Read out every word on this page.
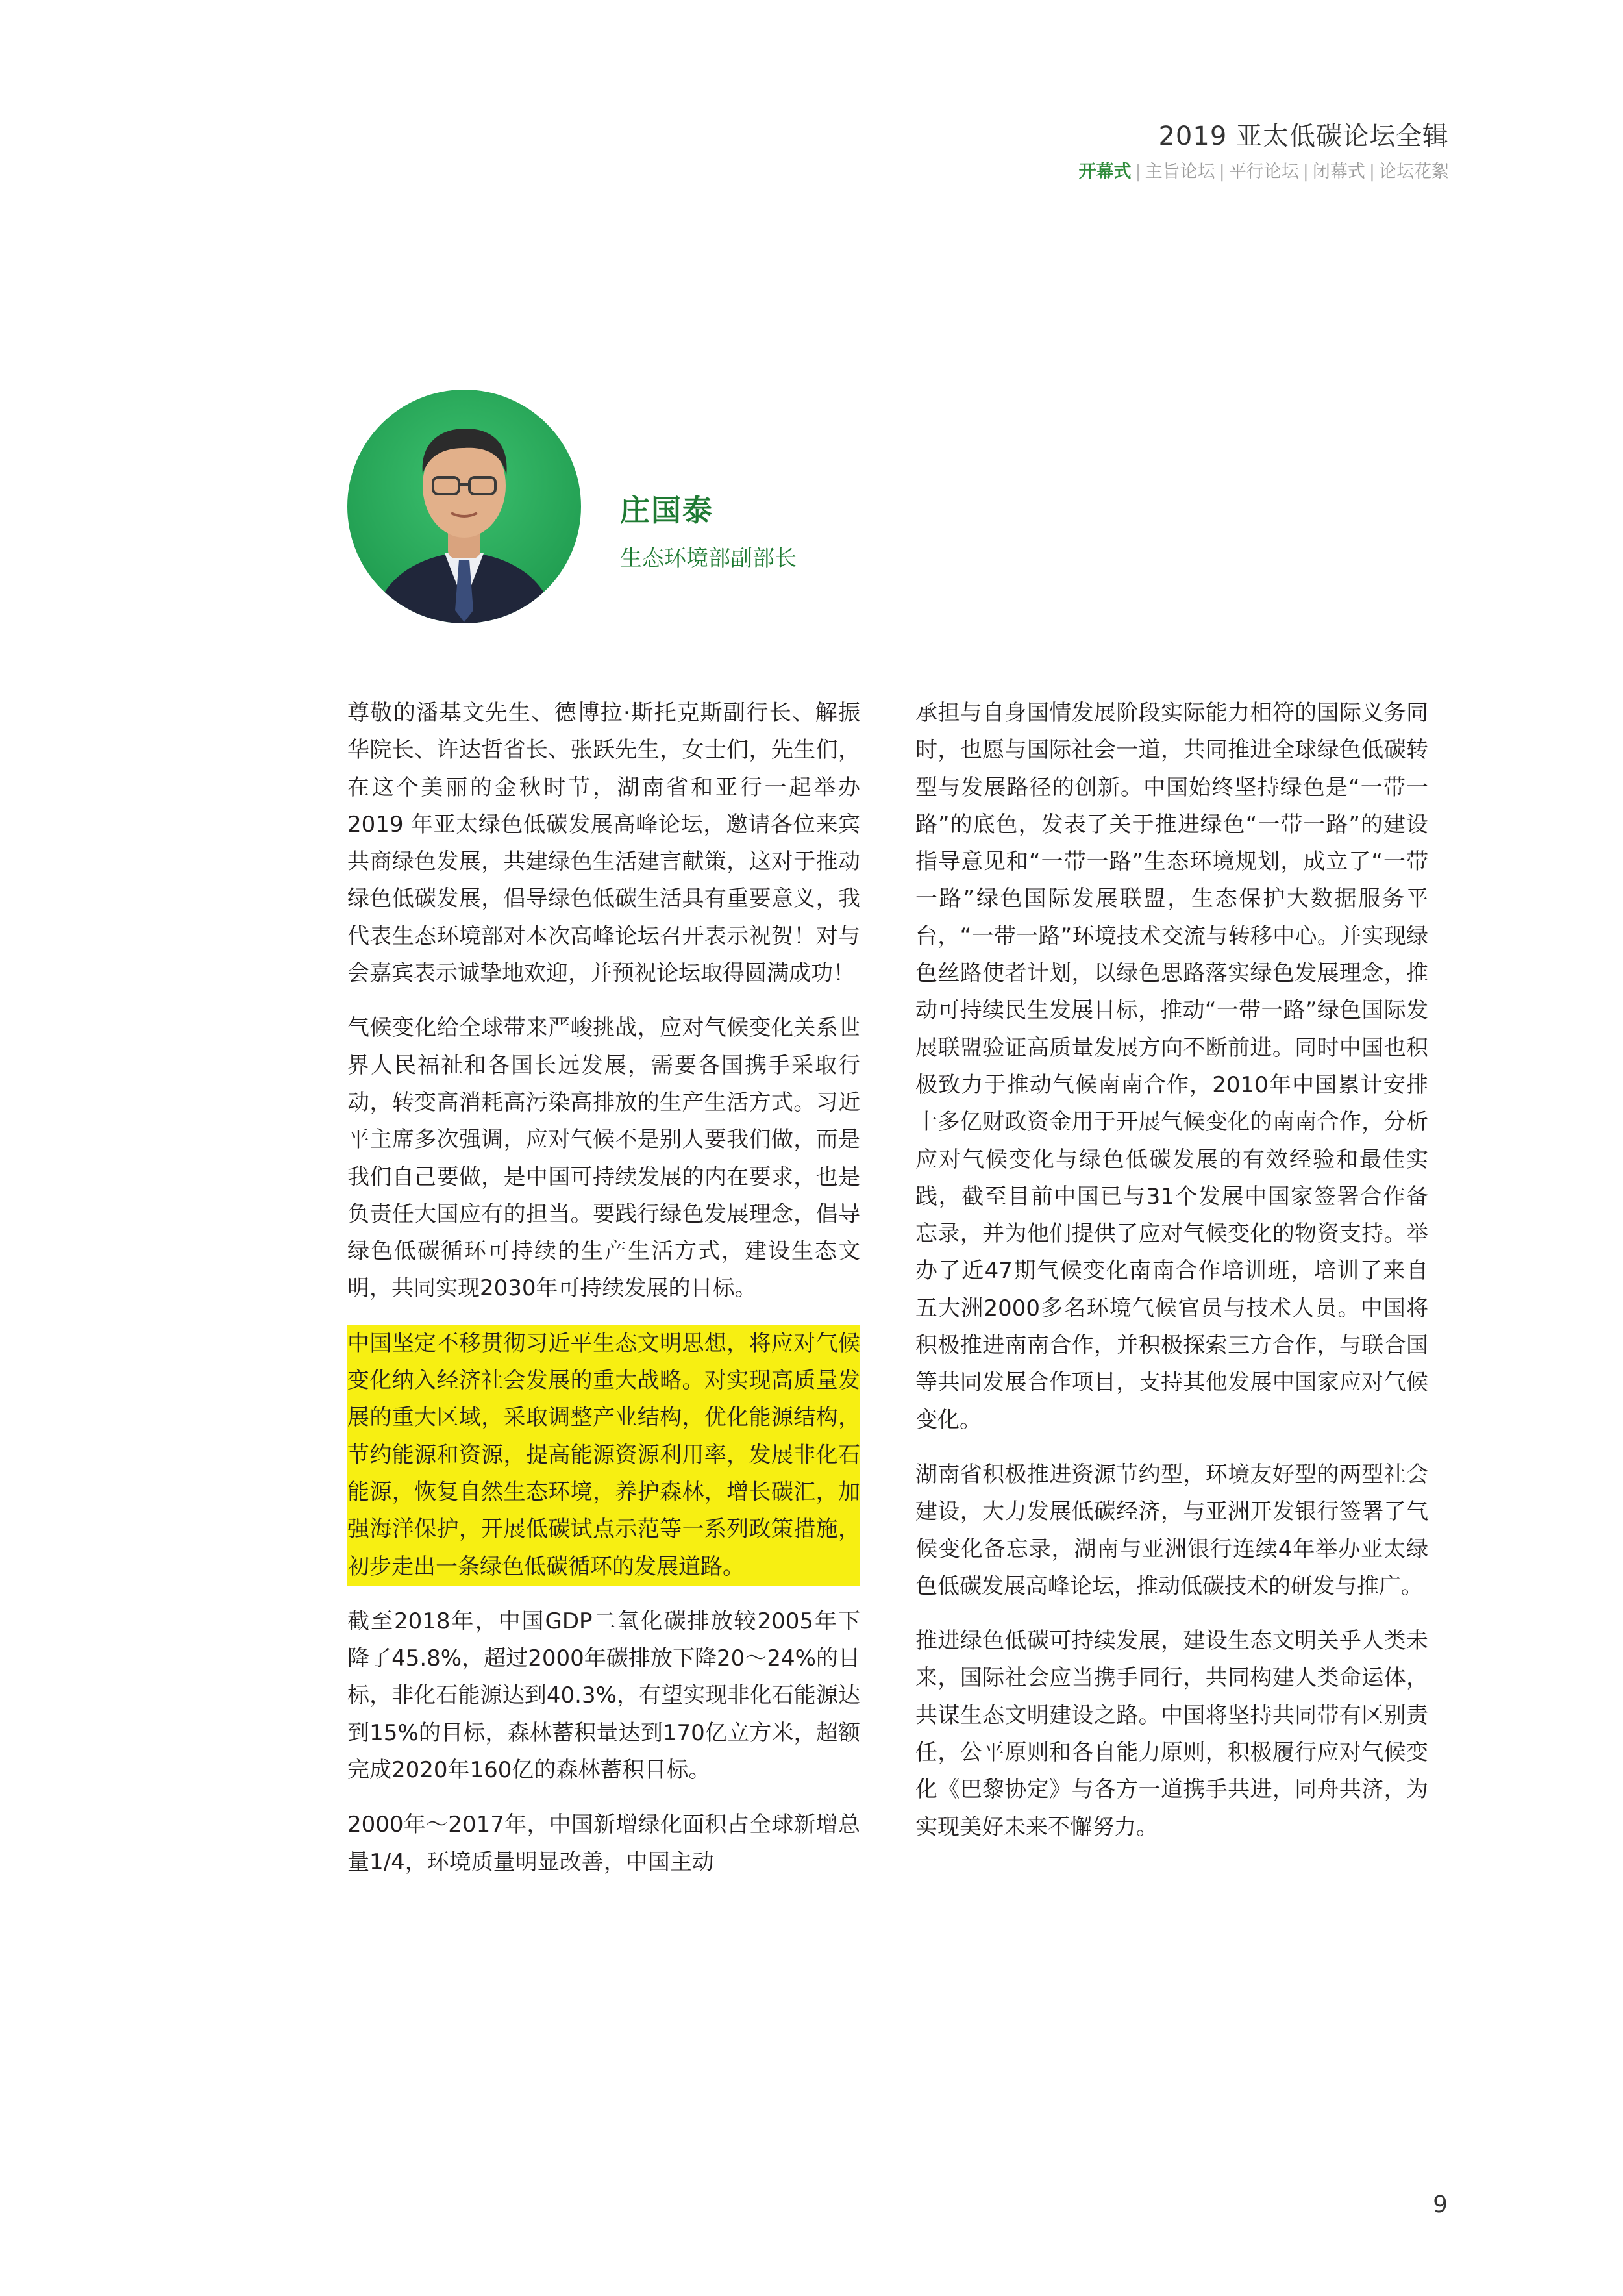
2019 亚太低碳论坛全辑
开幕式 | 主旨论坛 | 平行论坛 | 闭幕式 | 论坛花絮
庄国泰
生态环境部副部长

尊敬的潘基文先生、德博拉·斯托克斯副行长、解振华院长、许达哲省长、张跃先生，女士们，先生们，在这个美丽的金秋时节，湖南省和亚行一起举办 2019 年亚太绿色低碳发展高峰论坛，邀请各位来宾共商绿色发展，共建绿色生活建言献策，这对于推动绿色低碳发展，倡导绿色低碳生活具有重要意义，我代表生态环境部对本次高峰论坛召开表示祝贺！对与会嘉宾表示诚挚地欢迎，并预祝论坛取得圆满成功！

气候变化给全球带来严峻挑战，应对气候变化关系世界人民福祉和各国长远发展，需要各国携手采取行动，转变高消耗高污染高排放的生产生活方式。习近平主席多次强调，应对气候不是别人要我们做，而是我们自己要做，是中国可持续发展的内在要求，也是负责任大国应有的担当。要践行绿色发展理念，倡导绿色低碳循环可持续的生产生活方式，建设生态文明，共同实现2030年可持续发展的目标。

中国坚定不移贯彻习近平生态文明思想，将应对气候变化纳入经济社会发展的重大战略。对实现高质量发展的重大区域，采取调整产业结构，优化能源结构，节约能源和资源，提高能源资源利用率，发展非化石能源，恢复自然生态环境，养护森林，增长碳汇，加强海洋保护，开展低碳试点示范等一系列政策措施，初步走出一条绿色低碳循环的发展道路。

截至2018年，中国GDP二氧化碳排放较2005年下降了45.8%，超过2000年碳排放下降20～24%的目标，非化石能源达到40.3%，有望实现非化石能源达到15%的目标，森林蓄积量达到170亿立方米，超额完成2020年160亿的森林蓄积目标。

2000年～2017年，中国新增绿化面积占全球新增总量1/4，环境质量明显改善，中国主动

承担与自身国情发展阶段实际能力相符的国际义务同时，也愿与国际社会一道，共同推进全球绿色低碳转型与发展路径的创新。中国始终坚持绿色是“一带一路”的底色，发表了关于推进绿色“一带一路”的建设指导意见和“一带一路”生态环境规划，成立了“一带一路”绿色国际发展联盟，生态保护大数据服务平台，“一带一路”环境技术交流与转移中心。并实现绿色丝路使者计划，以绿色思路落实绿色发展理念，推动可持续民生发展目标，推动“一带一路”绿色国际发展联盟验证高质量发展方向不断前进。同时中国也积极致力于推动气候南南合作，2010年中国累计安排十多亿财政资金用于开展气候变化的南南合作，分析应对气候变化与绿色低碳发展的有效经验和最佳实践，截至目前中国已与31个发展中国家签署合作备忘录，并为他们提供了应对气候变化的物资支持。举办了近47期气候变化南南合作培训班，培训了来自五大洲2000多名环境气候官员与技术人员。中国将积极推进南南合作，并积极探索三方合作，与联合国等共同发展合作项目，支持其他发展中国家应对气候变化。

湖南省积极推进资源节约型，环境友好型的两型社会建设，大力发展低碳经济，与亚洲开发银行签署了气候变化备忘录，湖南与亚洲银行连续4年举办亚太绿色低碳发展高峰论坛，推动低碳技术的研发与推广。

推进绿色低碳可持续发展，建设生态文明关乎人类未来，国际社会应当携手同行，共同构建人类命运体，共谋生态文明建设之路。中国将坚持共同带有区别责任，公平原则和各自能力原则，积极履行应对气候变化《巴黎协定》与各方一道携手共进，同舟共济，为实现美好未来不懈努力。

9
